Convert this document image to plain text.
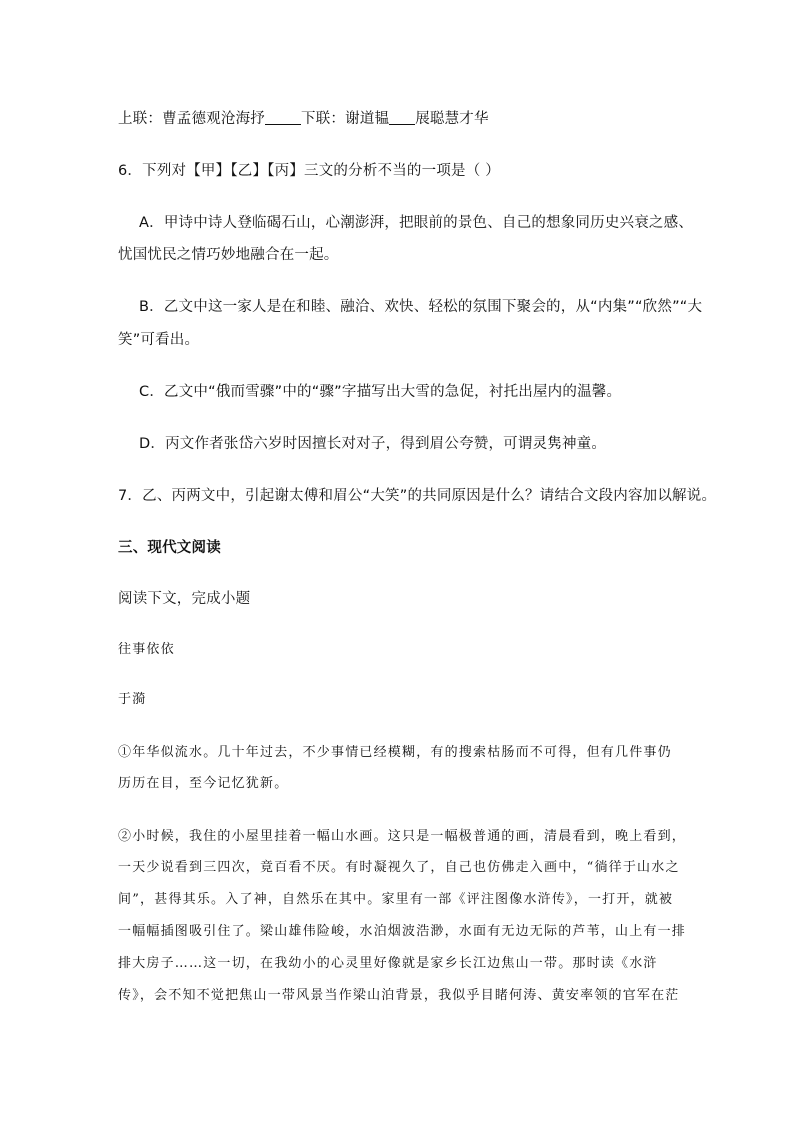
上联：曹孟德观沧海抒 下联：谢道韫 展聪慧才华
6．下列对【甲】【乙】【丙】三文的分析不当的一项是（ ）
A．甲诗中诗人登临碣石山，心潮澎湃，把眼前的景色、自己的想象同历史兴衰之感、
忧国忧民之情巧妙地融合在一起。
B．乙文中这一家人是在和睦、融洽、欢快、轻松的氛围下聚会的，从“内集”“欣然”“大
笑”可看出。
C．乙文中“俄而雪骤”中的“骤”字描写出大雪的急促，衬托出屋内的温馨。
D．丙文作者张岱六岁时因擅长对对子，得到眉公夸赞，可谓灵隽神童。
7．乙、丙两文中，引起谢太傅和眉公“大笑”的共同原因是什么？请结合文段内容加以解说。
三、现代文阅读
阅读下文，完成小题
往事依依
于漪
①年华似流水。几十年过去，不少事情已经模糊，有的搜索枯肠而不可得，但有几件事仍
历历在目，至今记忆犹新。
②小时候，我住的小屋里挂着一幅山水画。这只是一幅极普通的画，清晨看到，晚上看到，
一天少说看到三四次，竟百看不厌。有时凝视久了，自己也仿佛走入画中，“徜徉于山水之
间”，甚得其乐。入了神，自然乐在其中。家里有一部《评注图像水浒传》，一打开，就被
一幅幅插图吸引住了。梁山雄伟险峻，水泊烟波浩渺，水面有无边无际的芦苇，山上有一排
排大房子……这一切，在我幼小的心灵里好像就是家乡长江边焦山一带。那时读《水浒
传》，会不知不觉把焦山一带风景当作梁山泊背景，我似乎目睹何涛、黄安率领的官军在茫
